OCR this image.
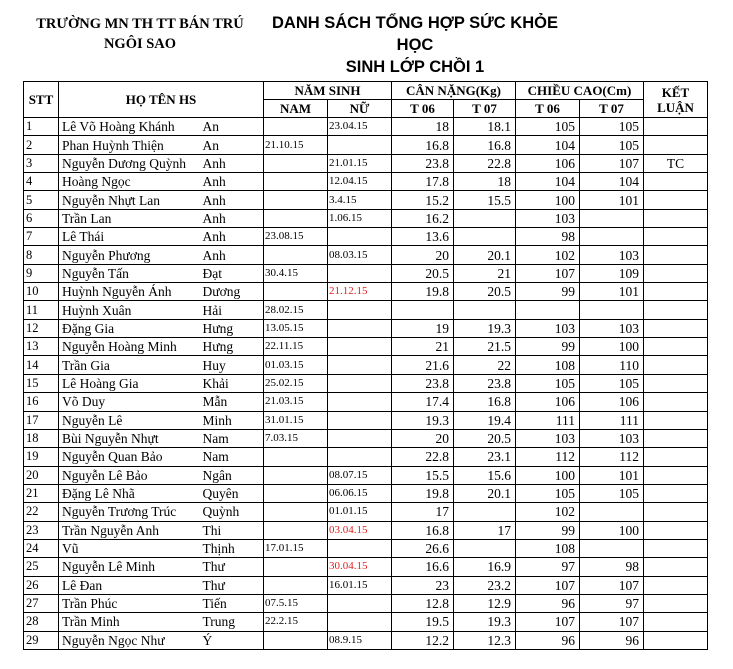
TRƯỜNG MN TH TT BÁN TRÚ
NGÔI SAO
DANH SÁCH TỔNG HỢP SỨC KHỎE HỌC
SINH LỚP CHỒI 1
STT	HỌ TÊN HS		NĂM SINH		CÂN NẶNG(Kg)		CHIỀU CAO(Cm)		KẾT
LUẬN

			NAM	NỮ	T 06	T 07	T 06	T 07	
1	Lê Võ Hoàng Khánh	An		23.04.15	18	18.1	105	105	
2	Phan Huỳnh Thiện	An	21.10.15		16.8	16.8	104	105	
3	Nguyễn Dương Quỳnh	Anh		21.01.15	23.8	22.8	106	107	TC
4	Hoàng Ngọc	Anh		12.04.15	17.8	18	104	104	
5	Nguyễn Nhựt Lan	Anh		3.4.15	15.2	15.5	100	101	
6	Trần Lan	Anh		1.06.15	16.2		103		
7	Lê Thái	Anh	23.08.15		13.6		98		
8	Nguyễn Phương	Anh		08.03.15	20	20.1	102	103	
9	Nguyễn Tấn	Đạt	30.4.15		20.5	21	107	109	
10	Huỳnh Nguyễn Ánh	Dương		21.12.15	19.8	20.5	99	101	
11	Huỳnh Xuân	Hải	28.02.15						
12	Đặng Gia	Hưng	13.05.15		19	19.3	103	103	
13	Nguyễn Hoàng Minh	Hưng	22.11.15		21	21.5	99	100	
14	Trần Gia	Huy	01.03.15		21.6	22	108	110	
15	Lê Hoàng Gia	Khải	25.02.15		23.8	23.8	105	105	
16	Võ Duy	Mẫn	21.03.15		17.4	16.8	106	106	
17	Nguyễn Lê	Minh	31.01.15		19.3	19.4	111	111	
18	Bùi Nguyễn Nhựt	Nam	7.03.15		20	20.5	103	103	
19	Nguyễn Quan Bảo	Nam			22.8	23.1	112	112	
20	Nguyễn Lê Bảo	Ngân		08.07.15	15.5	15.6	100	101	
21	Đặng Lê Nhã	Quyên		06.06.15	19.8	20.1	105	105	
22	Nguyễn Trương Trúc	Quỳnh		01.01.15	17		102		
23	Trần Nguyễn Anh	Thi		03.04.15	16.8	17	99	100	
24	Vũ	Thịnh	17.01.15		26.6		108		
25	Nguyễn Lê Minh	Thư		30.04.15	16.6	16.9	97	98	
26	Lê Đan	Thư		16.01.15	23	23.2	107	107	
27	Trần Phúc	Tiến	07.5.15		12.8	12.9	96	97	
28	Trần Minh	Trung	22.2.15		19.5	19.3	107	107	
29	Nguyễn Ngọc Như	Ý		08.9.15	12.2	12.3	96	96	
